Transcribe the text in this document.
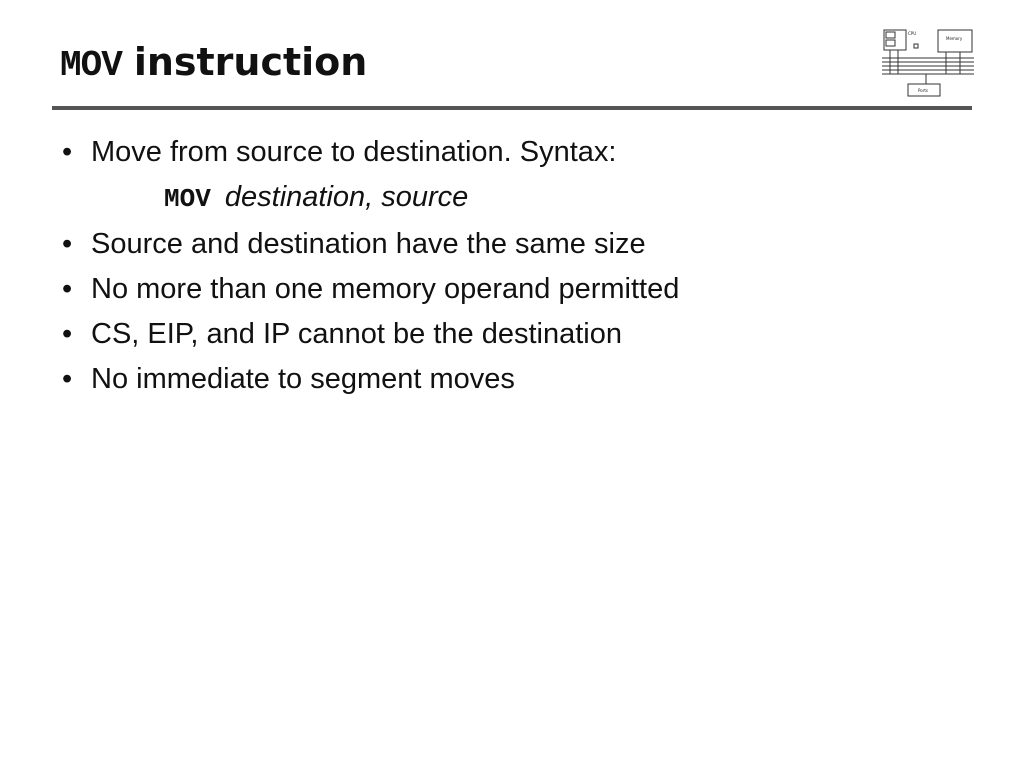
MOV instruction
CPU
Memory
Ports
• Move from source to destination. Syntax:
MOV destination, source
• Source and destination have the same size
• No more than one memory operand permitted
• CS, EIP, and IP cannot be the destination
• No immediate to segment moves
